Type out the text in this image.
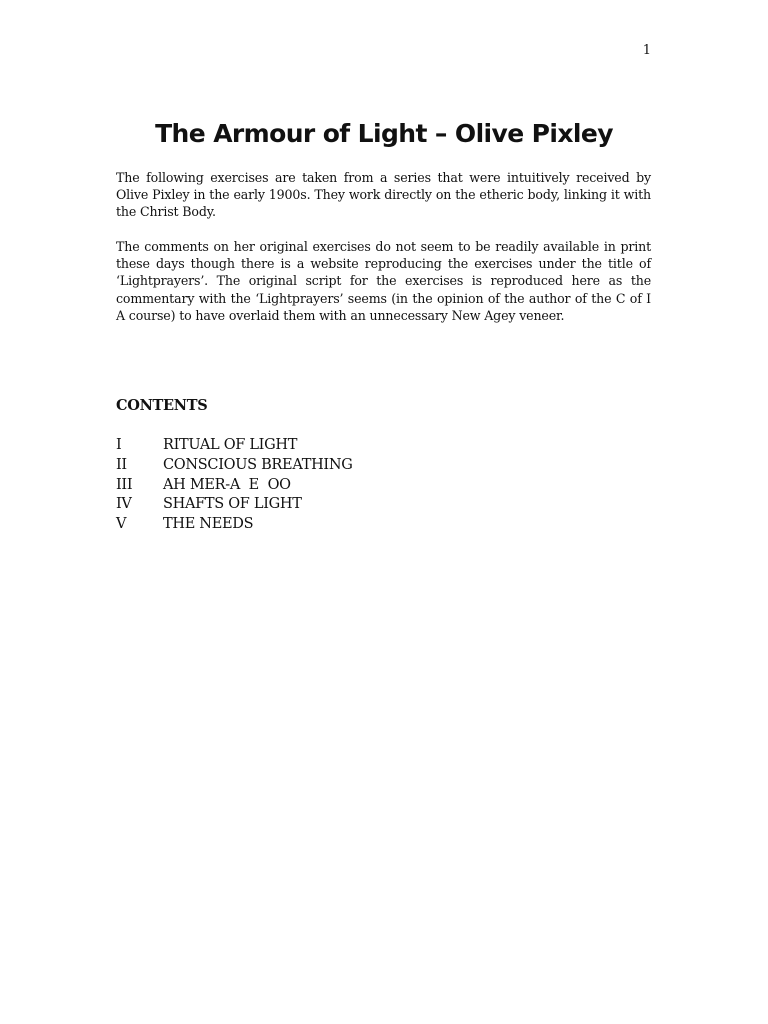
1
The Armour of Light – Olive Pixley

The following exercises are taken from a series that were intuitively received by Olive Pixley in the early 1900s. They work directly on the etheric body, linking it with the Christ Body.

The comments on her original exercises do not seem to be readily available in print these days though there is a website reproducing the exercises under the title of ‘Lightprayers’. The original script for the exercises is reproduced here as the commentary with the ‘Lightprayers’ seems (in the opinion of the author of the C of I A course) to have overlaid them with an unnecessary New Agey veneer.

CONTENTS
I	RITUAL OF LIGHT
II	CONSCIOUS BREATHING
III	AH MER-A  E  OO
IV	SHAFTS OF LIGHT
V	THE NEEDS
